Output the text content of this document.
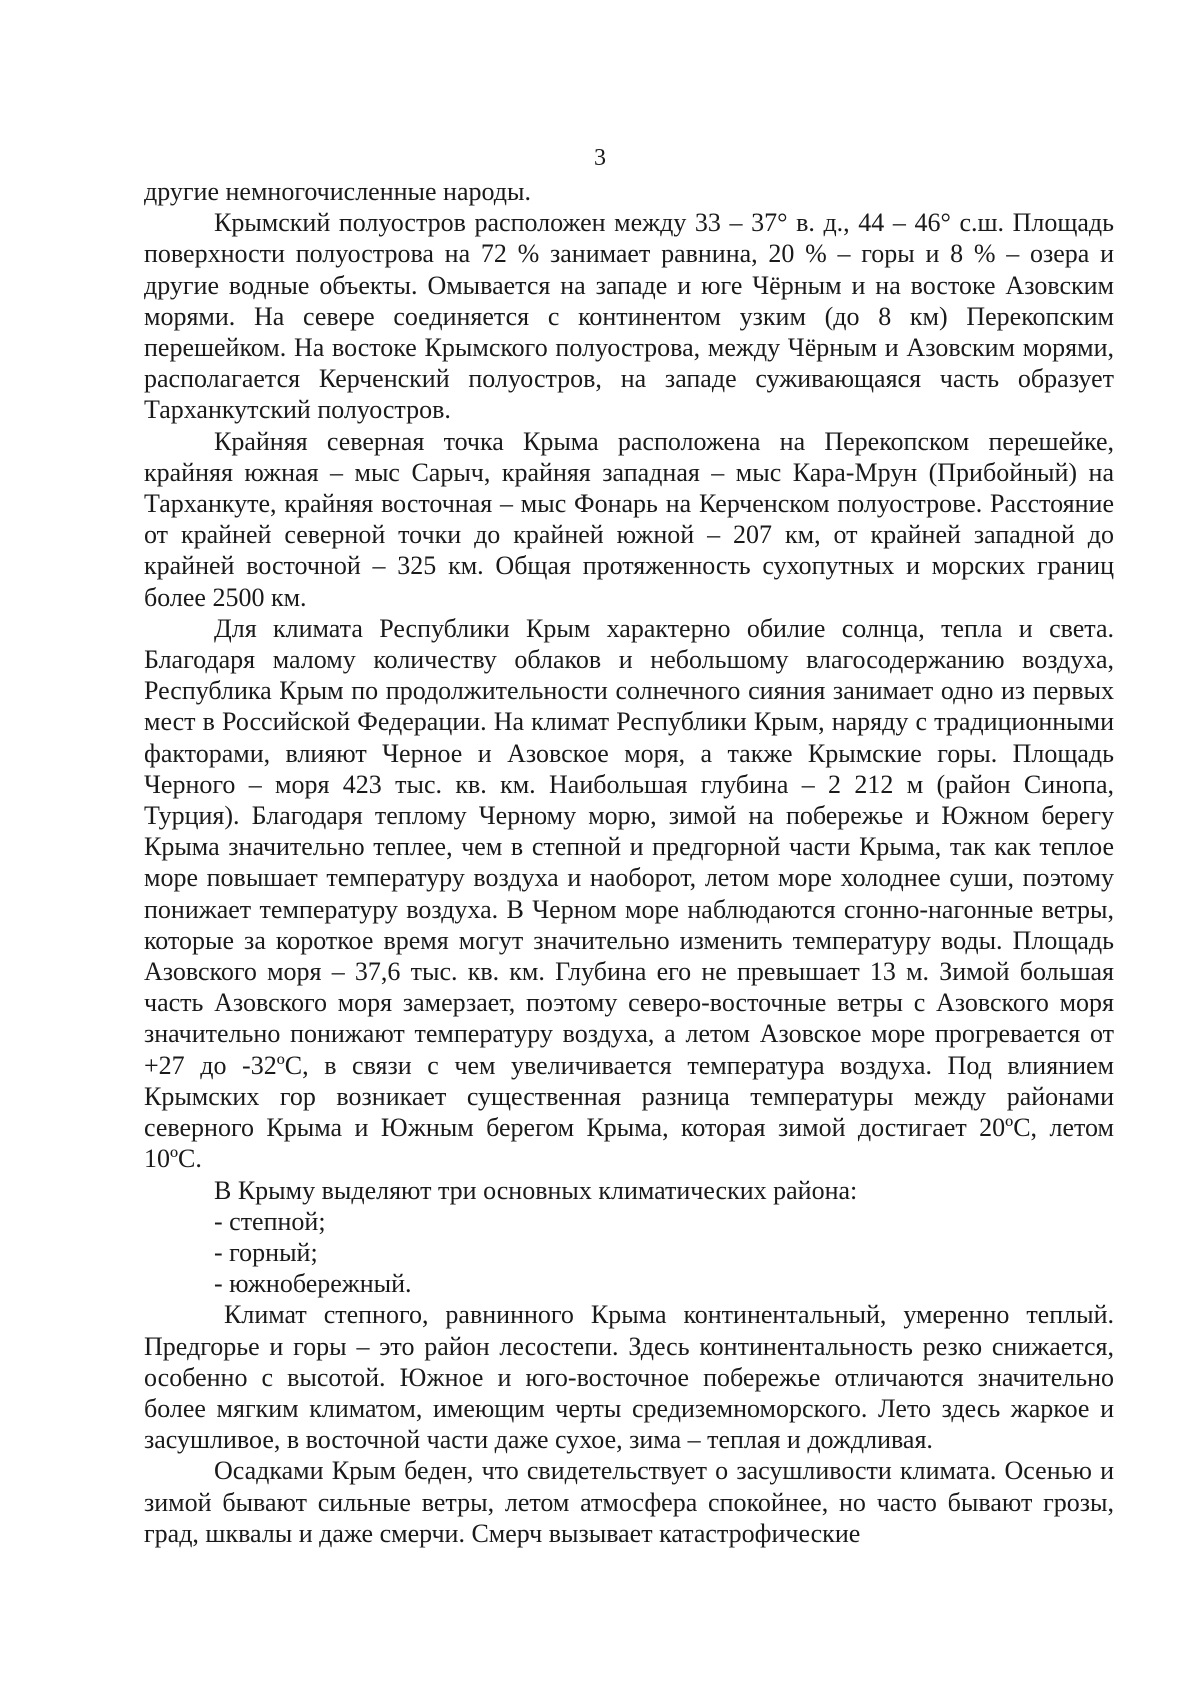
3

другие немногочисленные народы.

Крымский полуостров расположен между 33 – 37° в. д., 44 – 46° с.ш. Площадь поверхности полуострова на 72 % занимает равнина, 20 % – горы и 8 % – озера и другие водные объекты. Омывается на западе и юге Чёрным и на востоке Азовским морями. На севере соединяется с континентом узким (до 8 км) Перекопским перешейком. На востоке Крымского полуострова, между Чёрным и Азовским морями, располагается Керченский полуостров, на западе суживающаяся часть образует Тарханкутский полуостров.

Крайняя северная точка Крыма расположена на Перекопском перешейке, крайняя южная – мыс Сарыч, крайняя западная – мыс Кара-Мрун (Прибойный) на Тарханкуте, крайняя восточная – мыс Фонарь на Керченском полуострове. Расстояние от крайней северной точки до крайней южной – 207 км, от крайней западной до крайней восточной – 325 км. Общая протяженность сухопутных и морских границ более 2500 км.

Для климата Республики Крым характерно обилие солнца, тепла и света. Благодаря малому количеству облаков и небольшому влагосодержанию воздуха, Республика Крым по продолжительности солнечного сияния занимает одно из первых мест в Российской Федерации. На климат Республики Крым, наряду с традиционными факторами, влияют Черное и Азовское моря, а также Крымские горы. Площадь Черного – моря 423 тыс. кв. км. Наибольшая глубина – 2 212 м (район Синопа, Турция). Благодаря теплому Черному морю, зимой на побережье и Южном берегу Крыма значительно теплее, чем в степной и предгорной части Крыма, так как теплое море повышает температуру воздуха и наоборот, летом море холоднее суши, поэтому понижает температуру воздуха. В Черном море наблюдаются сгонно-нагонные ветры, которые за короткое время могут значительно изменить температуру воды. Площадь Азовского моря – 37,6 тыс. кв. км. Глубина его не превышает 13 м. Зимой большая часть Азовского моря замерзает, поэтому северо-восточные ветры с Азовского моря значительно понижают температуру воздуха, а летом Азовское море прогревается от +27 до -32ºС, в связи с чем увеличивается температура воздуха. Под влиянием Крымских гор возникает существенная разница температуры между районами северного Крыма и Южным берегом Крыма, которая зимой достигает 20ºС, летом 10ºС.

В Крыму выделяют три основных климатических района:

- степной;

- горный;

- южнобережный.

Климат степного, равнинного Крыма континентальный, умеренно теплый. Предгорье и горы – это район лесостепи. Здесь континентальность резко снижается, особенно с высотой. Южное и юго-восточное побережье отличаются значительно более мягким климатом, имеющим черты средиземноморского. Лето здесь жаркое и засушливое, в восточной части даже сухое, зима – теплая и дождливая.

Осадками Крым беден, что свидетельствует о засушливости климата. Осенью и зимой бывают сильные ветры, летом атмосфера спокойнее, но часто бывают грозы, град, шквалы и даже смерчи. Смерч вызывает катастрофические
